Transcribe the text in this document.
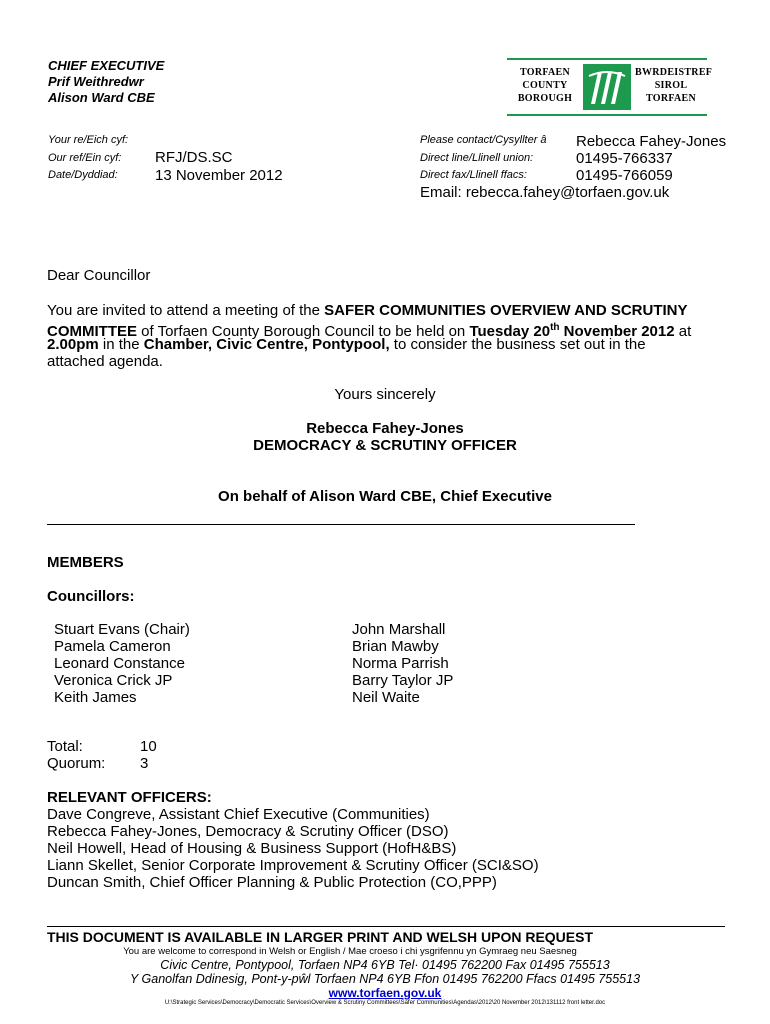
CHIEF EXECUTIVE
Prif Weithredwr
Alison Ward CBE
TORFAEN
COUNTY
BOROUGH
BWRDEISTREF
SIROL
TORFAEN
Your re/Eich cyf:
Our ref/Ein cyf: RFJ/DS.SC
Date/Dyddiad: 13 November 2012
Please contact/Cysyllter â Rebecca Fahey-Jones
Direct line/Llinell union:	01495-766337
Direct fax/Llinell ffacs:	01495-766059
Email: rebecca.fahey@torfaen.gov.uk
Dear Councillor
You are invited to attend a meeting of the SAFER COMMUNITIES OVERVIEW AND SCRUTINY
COMMITTEE of Torfaen County Borough Council to be held on Tuesday 20th November 2012 at
2.00pm in the Chamber, Civic Centre, Pontypool, to consider the business set out in the
attached agenda.
Yours sincerely
Rebecca Fahey-Jones
DEMOCRACY & SCRUTINY OFFICER
On behalf of Alison Ward CBE, Chief Executive
MEMBERS
Councillors:
Stuart Evans (Chair)
Pamela Cameron
Leonard Constance
Veronica Crick JP
Keith James
John Marshall
Brian Mawby
Norma Parrish
Barry Taylor JP
Neil Waite
Total:	10
Quorum: 3
RELEVANT OFFICERS:
Dave Congreve, Assistant Chief Executive (Communities)
Rebecca Fahey-Jones, Democracy & Scrutiny Officer (DSO)
Neil Howell, Head of Housing & Business Support (HofH&BS)
Liann Skellet, Senior Corporate Improvement & Scrutiny Officer (SCI&SO)
Duncan Smith, Chief Officer Planning & Public Protection (CO,PPP)
THIS DOCUMENT IS AVAILABLE IN LARGER PRINT AND WELSH UPON REQUEST
You are welcome to correspond in Welsh or English / Mae croeso i chi ysgrifennu yn Gymraeg neu Saesneg
Civic Centre, Pontypool, Torfaen NP4 6YB Tel· 01495 762200 Fax 01495 755513
Y Ganolfan Ddinesig, Pont-y-pŵl Torfaen NP4 6YB Ffon 01495 762200 Ffacs 01495 755513
www.torfaen.gov.uk
U:\Strategic Services\Democracy\Democratic Services\Overview & Scrutiny Committees\Safer Communities\Agendas\2012\20 November 2012\131112 front letter.doc
